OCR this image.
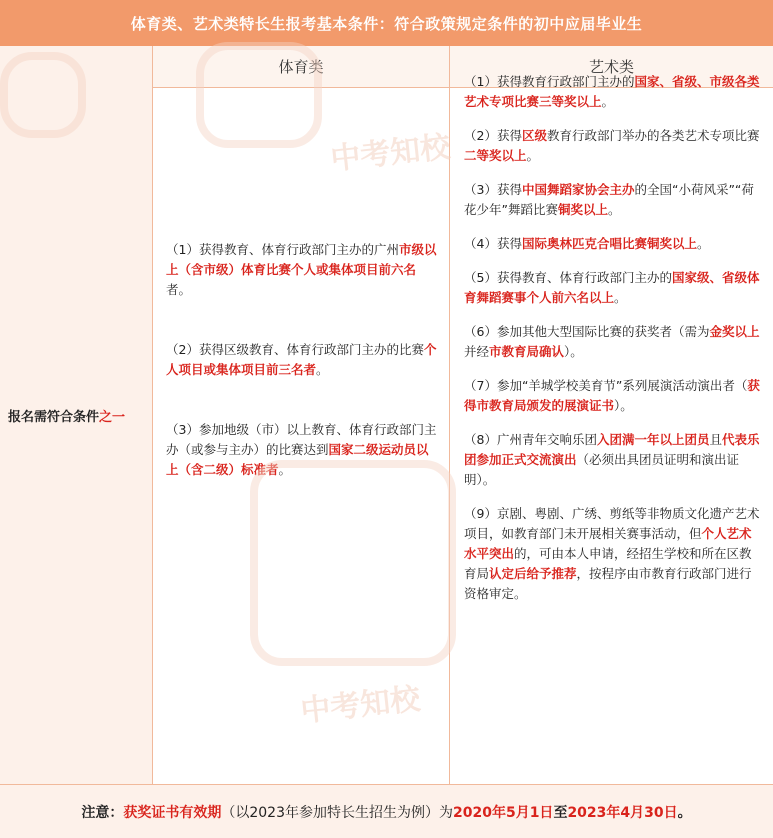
体育类、艺术类特长生报考基本条件：符合政策规定条件的初中应届毕业生
体育类	艺术类
报名需符合条件之一

（1）获得教育、体育行政部门主办的广州市级以上（含市级）体育比赛个人或集体项目前六名者。

（2）获得区级教育、体育行政部门主办的比赛个人项目或集体项目前三名者。

（3）参加地级（市）以上教育、体育行政部门主办（或参与主办）的比赛达到国家二级运动员以上（含二级）标准者。

（1）获得教育行政部门主办的国家、省级、市级各类艺术专项比赛三等奖以上。

（2）获得区级教育行政部门举办的各类艺术专项比赛二等奖以上。

（3）获得中国舞蹈家协会主办的全国“小荷风采”“荷花少年”舞蹈比赛铜奖以上。

（4）获得国际奥林匹克合唱比赛铜奖以上。

（5）获得教育、体育行政部门主办的国家级、省级体育舞蹈赛事个人前六名以上。

（6）参加其他大型国际比赛的获奖者（需为金奖以上并经市教育局确认）。

（7）参加“羊城学校美育节”系列展演活动演出者（获得市教育局颁发的展演证书）。

（8）广州青年交响乐团入团满一年以上团员且代表乐团参加正式交流演出（必须出具团员证明和演出证明）。

（9）京剧、粤剧、广绣、剪纸等非物质文化遗产艺术项目，如教育部门未开展相关赛事活动，但个人艺术水平突出的，可由本人申请，经招生学校和所在区教育局认定后给予推荐，按程序由市教育行政部门进行资格审定。

中考知校
中考知校
注意： 获奖证书有效期 （以2023年参加特长生招生为例）为 2020年5月1日 至 2023年4月30日 。
